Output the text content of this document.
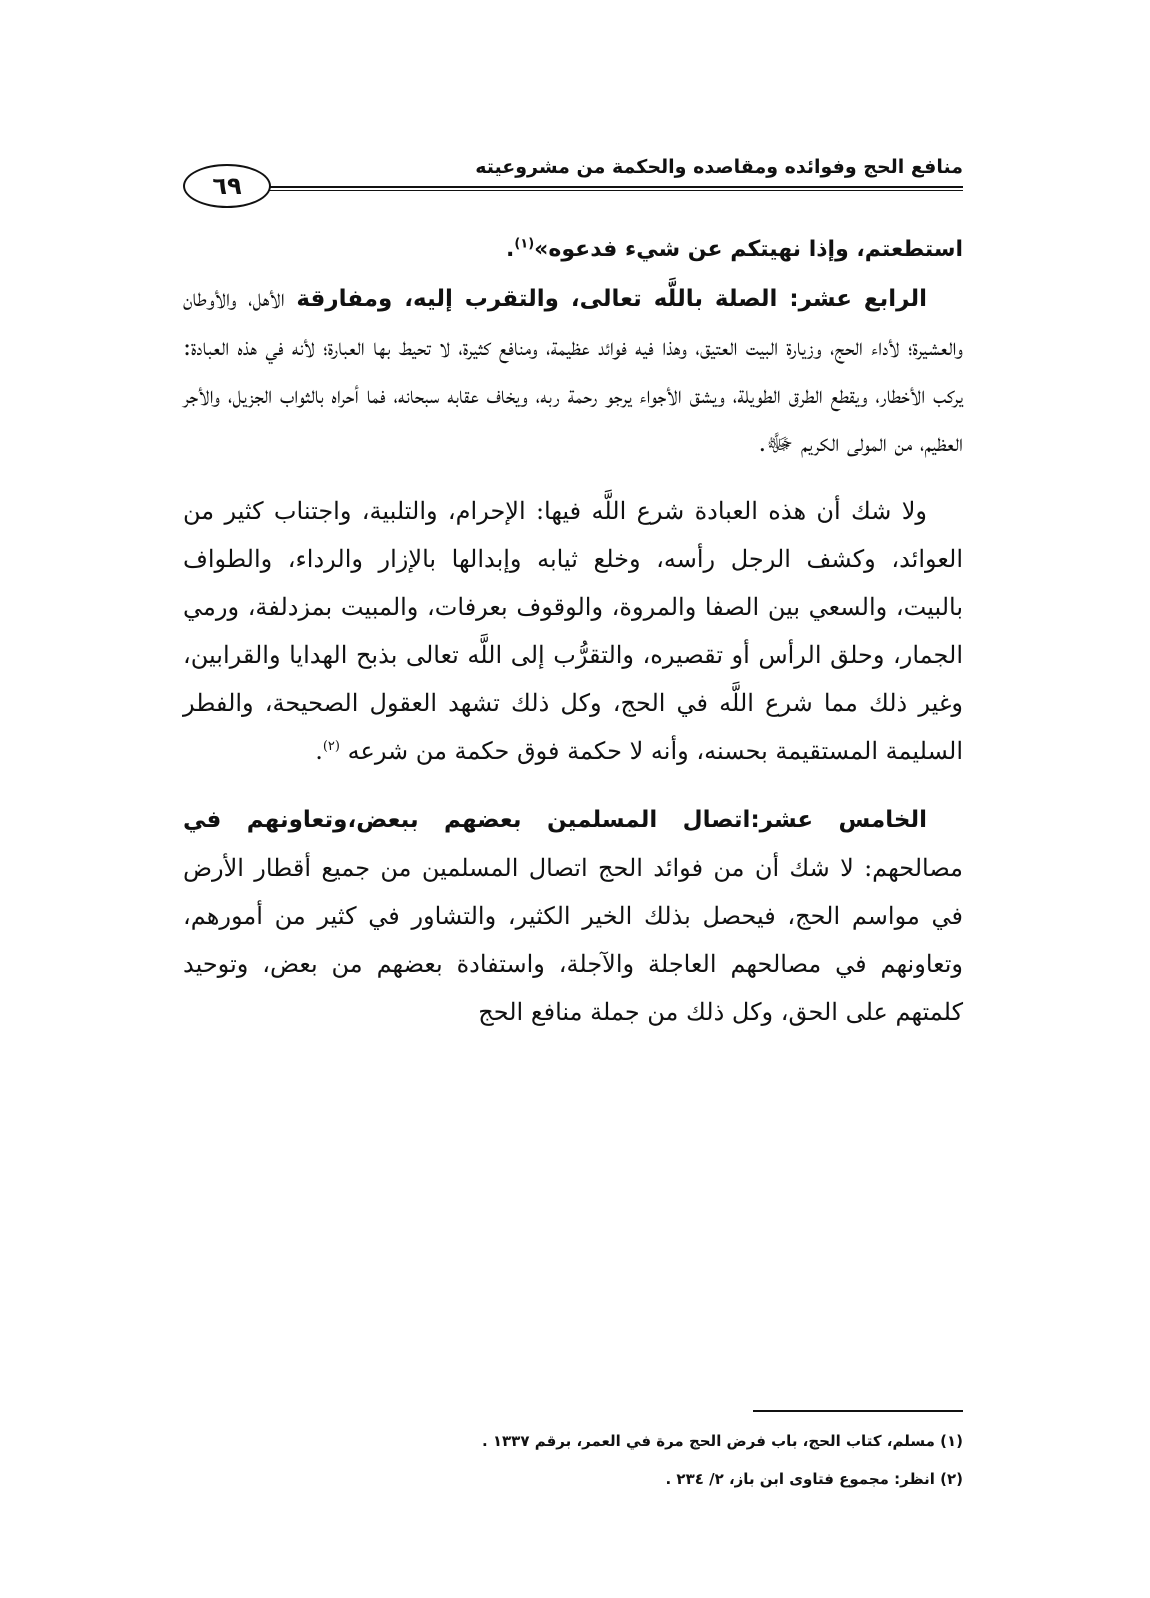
منافع الحج وفوائده ومقاصده والحكمة من مشروعيته
٦٩

استطعتم، وإذا نهيتكم عن شيء فدعوه»$^{(١)}$.

الرابع عشر: الصلة باللَّه تعالى، والتقرب إليه، ومفارقة الأهل، والأوطان والعشيرة؛ لأداء الحج، وزيارة البيت العتيق، وهذا فيه فوائد عظيمة، ومنافع كثيرة، لا تحيط بها العبارة؛ لأنه في هذه العبادة: يركب الأخطار، ويقطع الطرق الطويلة، ويشق الأجواء يرجو رحمة ربه، ويخاف عقابه سبحانه، فما أحراه بالثواب الجزيل، والأجر العظيم، من المولى الكريم ﷻ.

ولا شك أن هذه العبادة شرع اللَّه فيها: الإحرام، والتلبية، واجتناب كثير من العوائد، وكشف الرجل رأسه، وخلع ثيابه وإبدالها بالإزار والرداء، والطواف بالبيت، والسعي بين الصفا والمروة، والوقوف بعرفات، والمبيت بمزدلفة، ورمي الجمار، وحلق الرأس أو تقصيره، والتقرُّب إلى اللَّه تعالى بذبح الهدايا والقرابين، وغير ذلك مما شرع اللَّه في الحج، وكل ذلك تشهد العقول الصحيحة، والفطر السليمة المستقيمة بحسنه، وأنه لا حكمة فوق حكمة من شرعه $^{(٢)}$.

الخامس عشر:اتصال المسلمين بعضهم ببعض،وتعاونهم في مصالحهم: لا شك أن من فوائد الحج اتصال المسلمين من جميع أقطار الأرض في مواسم الحج، فيحصل بذلك الخير الكثير، والتشاور في كثير من أمورهم، وتعاونهم في مصالحهم العاجلة والآجلة، واستفادة بعضهم من بعض، وتوحيد كلمتهم على الحق، وكل ذلك من جملة منافع الحج

(١) مسلم، كتاب الحج، باب فرض الحج مرة في العمر، برقم ١٣٣٧ .

(٢) انظر: مجموع فتاوى ابن باز، ٢/ ٢٣٤ .
